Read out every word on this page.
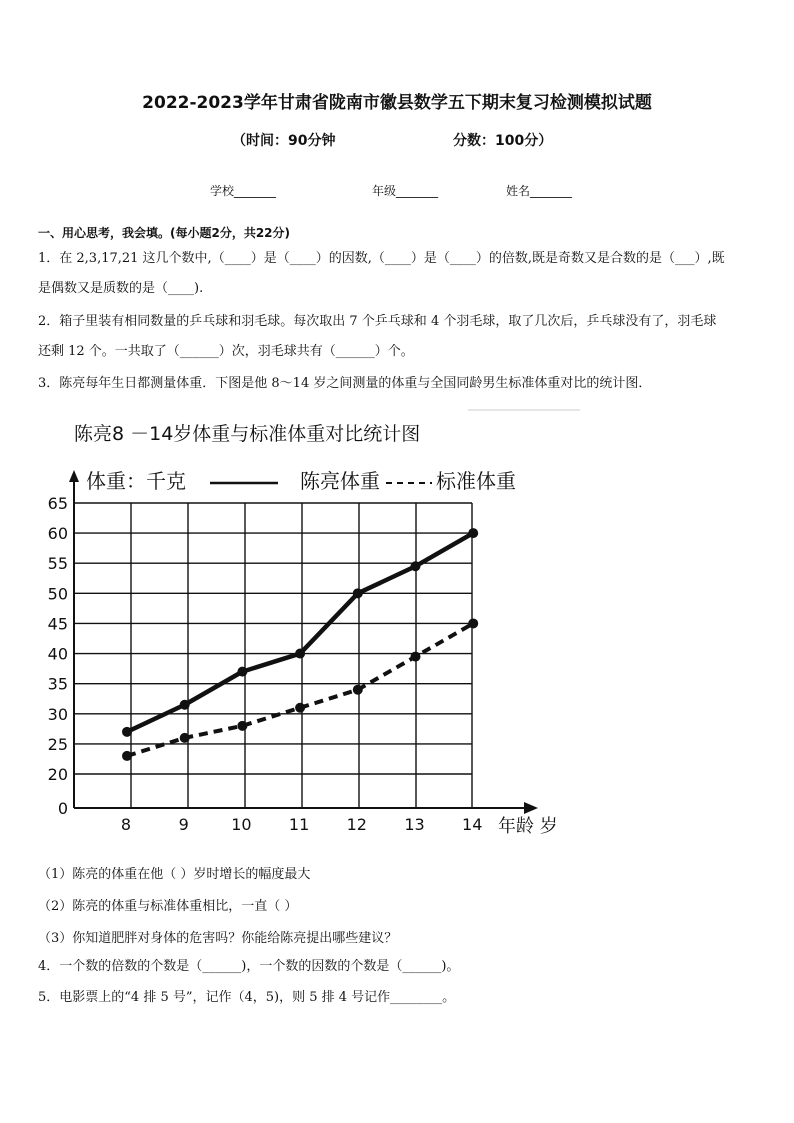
2022-2023学年甘肃省陇南市徽县数学五下期末复习检测模拟试题
（时间：90分钟	分数：100分）
学校_______	年级_______	姓名_______
一、用心思考，我会填。(每小题2分，共22分)
1．在 2,3,17,21 这几个数中,（____）是（____）的因数,（____）是（____）的倍数,既是奇数又是合数的是（___）,既
是偶数又是质数的是（____).
2．箱子里装有相同数量的乒乓球和羽毛球。每次取出 7 个乒乓球和 4 个羽毛球，取了几次后，乒乓球没有了，羽毛球
还剩 12 个。一共取了（______）次，羽毛球共有（______）个。
3．陈亮每年生日都测量体重．下图是他 8～14 岁之间测量的体重与全国同龄男生标准体重对比的统计图．
陈亮8 －14岁体重与标准体重对比统计图
0
20
25
30
35
40
45
50
55
60
65
8	9	10 11 12 13 14
体重：千克	陈亮体重	标准体重
年龄 岁
（1）陈亮的体重在他（ ）岁时增长的幅度最大
（2）陈亮的体重与标准体重相比，一直（ ）
（3）你知道肥胖对身体的危害吗？你能给陈亮提出哪些建议？
4．一个数的倍数的个数是（______)，一个数的因数的个数是（______)。
5．电影票上的“4 排 5 号”，记作（4，5)，则 5 排 4 号记作________。
